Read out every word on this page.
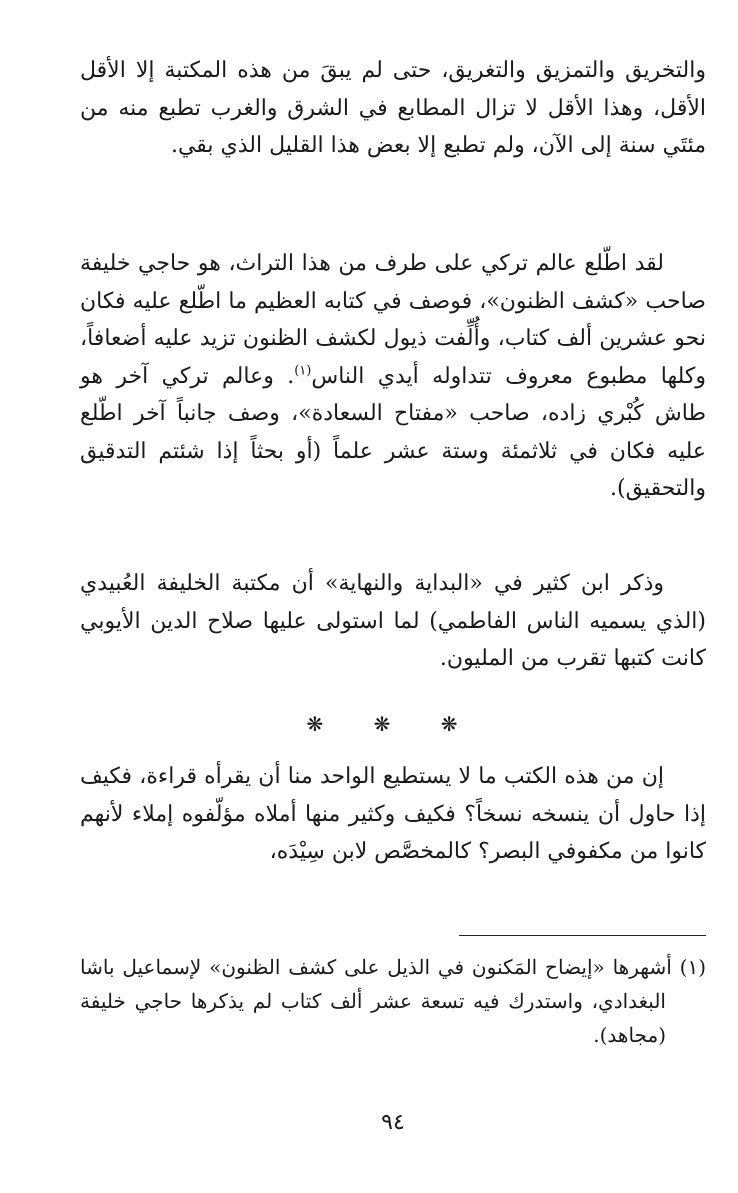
والتخريق والتمزيق والتغريق، حتى لم يبقَ من هذه المكتبة إلا الأقل الأقل، وهذا الأقل لا تزال المطابع في الشرق والغرب تطبع منه من مئتَي سنة إلى الآن، ولم تطبع إلا بعض هذا القليل الذي بقي.

لقد اطّلع عالم تركي على طرف من هذا التراث، هو حاجي خليفة صاحب «كشف الظنون»، فوصف في كتابه العظيم ما اطّلع عليه فكان نحو عشرين ألف كتاب، وأُلِّفت ذيول لكشف الظنون تزيد عليه أضعافاً، وكلها مطبوع معروف تتداوله أيدي الناس$^{(١)}$. وعالم تركي آخر هو طاش كُبْري زاده، صاحب «مفتاح السعادة»، وصف جانباً آخر اطّلع عليه فكان في ثلاثمئة وستة عشر علماً (أو بحثاً إذا شئتم التدقيق والتحقيق).

وذكر ابن كثير في «البداية والنهاية» أن مكتبة الخليفة العُبيدي (الذي يسميه الناس الفاطمي) لما استولى عليها صلاح الدين الأيوبي كانت كتبها تقرب من المليون.

❋ ❋ ❋

إن من هذه الكتب ما لا يستطيع الواحد منا أن يقرأه قراءة، فكيف إذا حاول أن ينسخه نسخاً؟ فكيف وكثير منها أملاه مؤلّفوه إملاء لأنهم كانوا من مكفوفي البصر؟ كالمخصَّص لابن سِيْدَه،

(١) أشهرها «إيضاح المَكنون في الذيل على كشف الظنون» لإسماعيل باشا البغدادي، واستدرك فيه تسعة عشر ألف كتاب لم يذكرها حاجي خليفة (مجاهد).

٩٤
